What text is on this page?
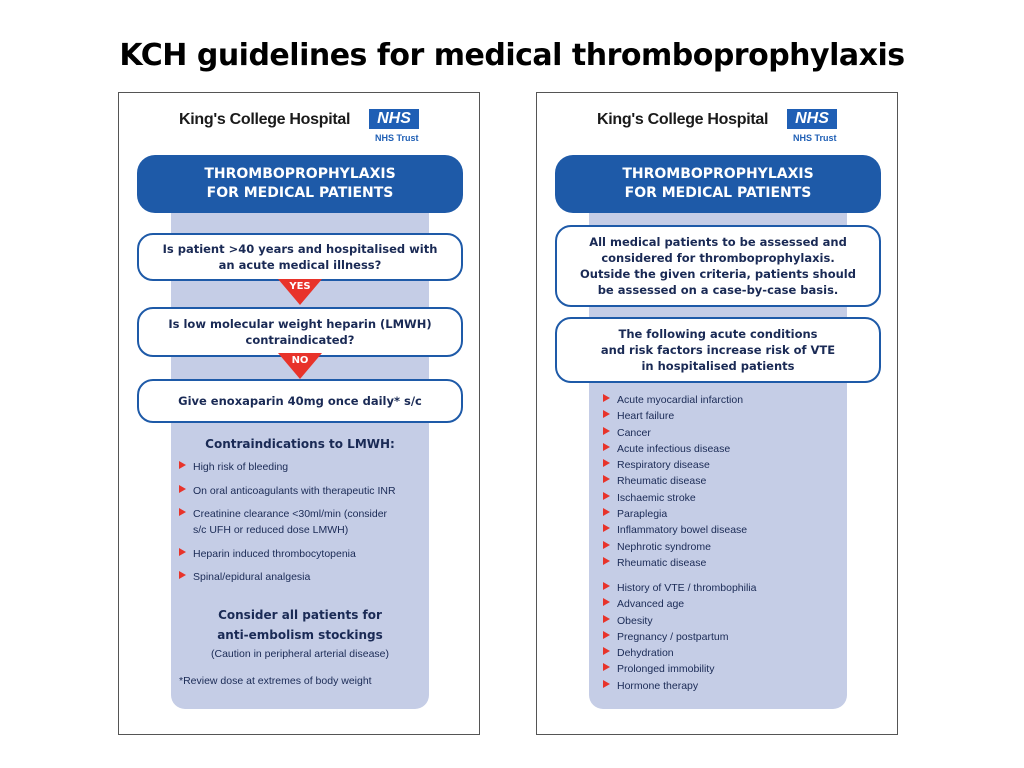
KCH guidelines for medical thromboprophylaxis
King's College Hospital	NHS
NHS Trust
THROMBOPROPHYLAXIS
FOR MEDICAL PATIENTS
Is patient >40 years and hospitalised with
an acute medical illness?
YES
Is low molecular weight heparin (LMWH)
contraindicated?
NO
Give enoxaparin 40mg once daily* s/c
Contraindications to LMWH:
High risk of bleeding
On oral anticoagulants with therapeutic INR
Creatinine clearance <30ml/min (consider
s/c UFH or reduced dose LMWH)
Heparin induced thrombocytopenia
Spinal/epidural analgesia
Consider all patients for
anti-embolism stockings
(Caution in peripheral arterial disease)
*Review dose at extremes of body weight
King's College Hospital	NHS
NHS Trust
THROMBOPROPHYLAXIS
FOR MEDICAL PATIENTS
All medical patients to be assessed and
considered for thromboprophylaxis.
Outside the given criteria, patients should
be assessed on a case-by-case basis.
The following acute conditions
and risk factors increase risk of VTE
in hospitalised patients
Acute myocardial infarction
Heart failure
Cancer
Acute infectious disease
Respiratory disease
Rheumatic disease
Ischaemic stroke
Paraplegia
Inflammatory bowel disease
Nephrotic syndrome
Rheumatic disease
History of VTE / thrombophilia
Advanced age
Obesity
Pregnancy / postpartum
Dehydration
Prolonged immobility
Hormone therapy
